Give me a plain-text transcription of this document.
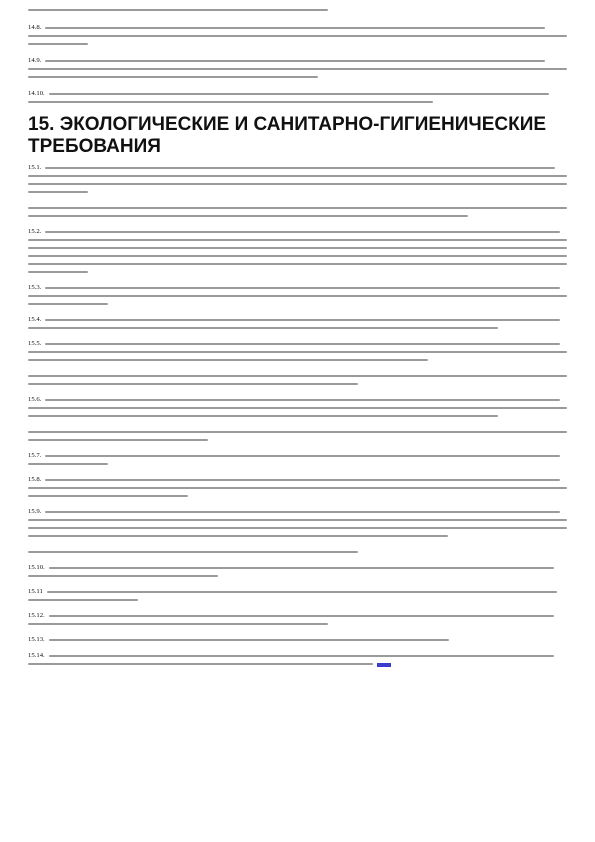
14.8.
14.9.
14.10.
15. ЭКОЛОГИЧЕСКИЕ И САНИТАРНО-ГИГИЕНИЧЕСКИЕ
ТРЕБОВАНИЯ
15.1.
15.2.
15.3.
15.4.
15.5.
15.6.
15.7.
15.8.
15.9.
15.10.
15.11
15.12.
15.13.
15.14.
